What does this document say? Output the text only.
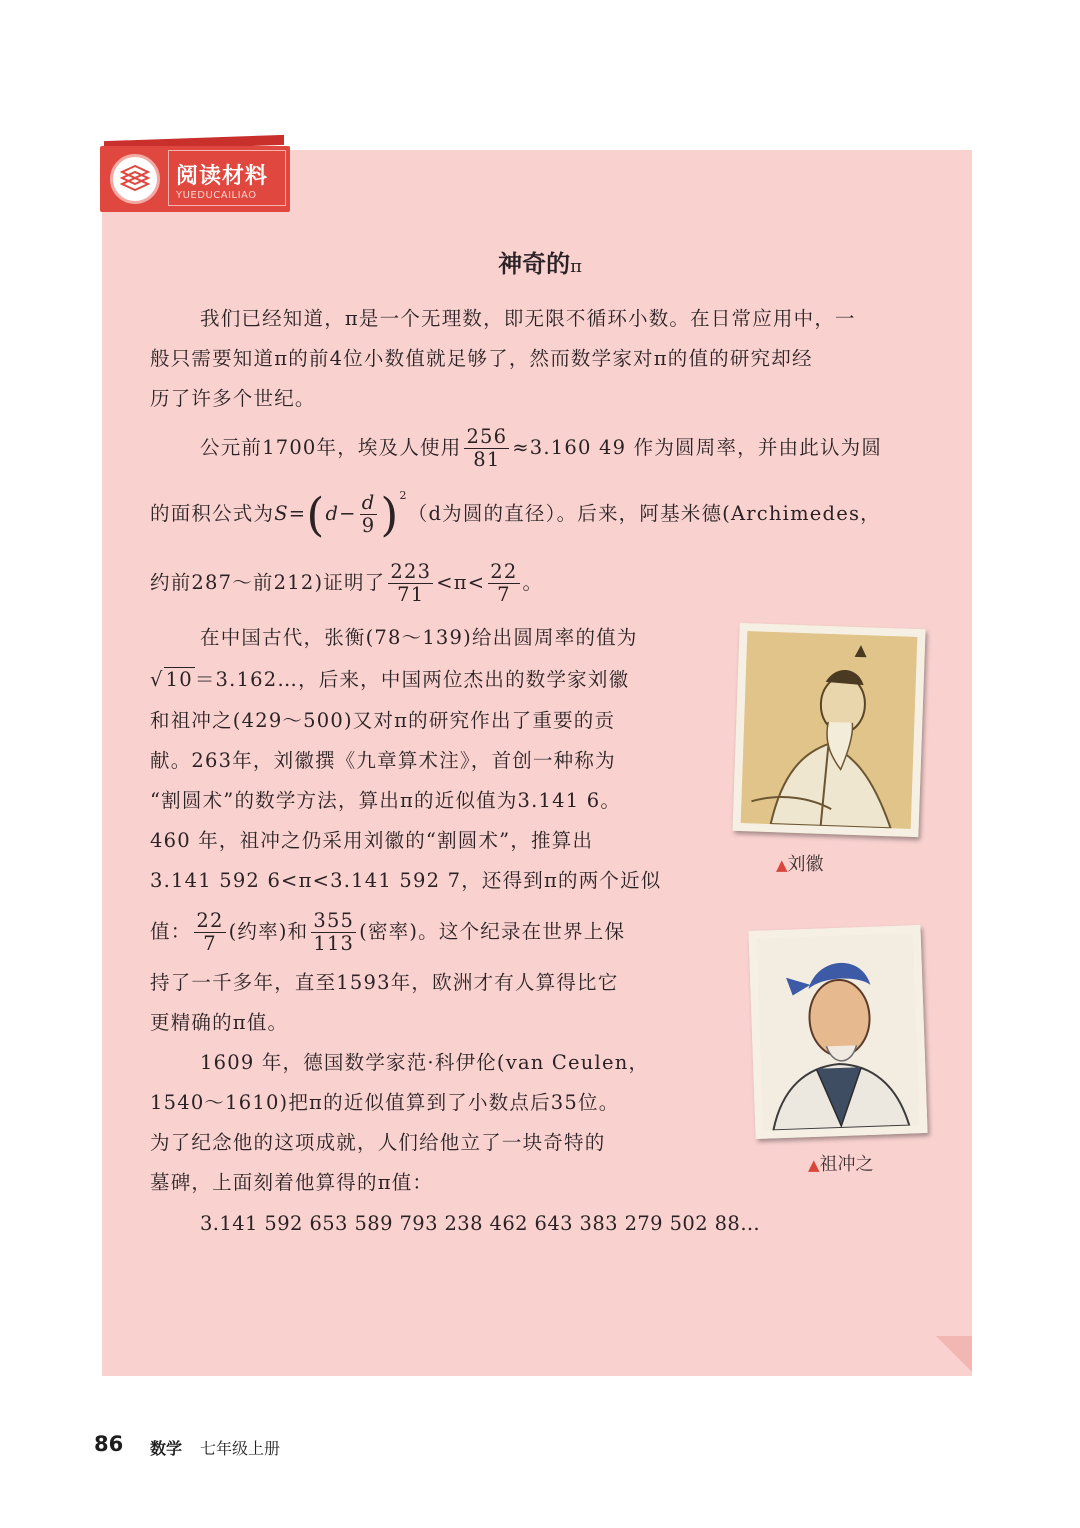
阅读材料
YUEDUCAILIAO
神奇的π
我们已经知道，π是一个无理数，即无限不循环小数。在日常应用中，一
般只需要知道π的前4位小数值就足够了，然而数学家对π的值的研究却经
历了许多个世纪。
公元前1700年，埃及人使用 $\frac{256}{81} \approx 3.160$ 49 作为圆周率，并由此认为圆
的面积公式为$S=(d- \frac{d}{9} )^2(d$为圆的直径）。后来，阿基米德(Archimedes，
约前287～前212)证明了 $\frac{223}{71} <\pi< \frac{22}{7}$ 。
在中国古代，张衡(78～139)给出圆周率的值为
√ 10 ＝3.162…，后来，中国两位杰出的数学家刘徽
和祖冲之(429～500)又对π的研究作出了重要的贡
献。263年，刘徽撰《九章算术注》，首创一种称为
“割圆术”的数学方法，算出π的近似值为3.141 6。
460 年，祖冲之仍采用刘徽的“割圆术”，推算出
3.141 592 6<π<3.141 592 7，还得到π的两个近似
值： $\frac{22}{7}$ (约率)和 $\frac{355}{113}$ (密率)。这个纪录在世界上保
持了一千多年，直至1593年，欧洲才有人算得比它
更精确的π值。
1609 年，德国数学家范·科伊伦(van Ceulen，
1540～1610)把π的近似值算到了小数点后35位。
为了纪念他的这项成就，人们给他立了一块奇特的
墓碑，上面刻着他算得的π值：
3.141 592 653 589 793 238 462 643 383 279 502 88…
▲刘徽
▲祖冲之
86 数学 七年级上册
